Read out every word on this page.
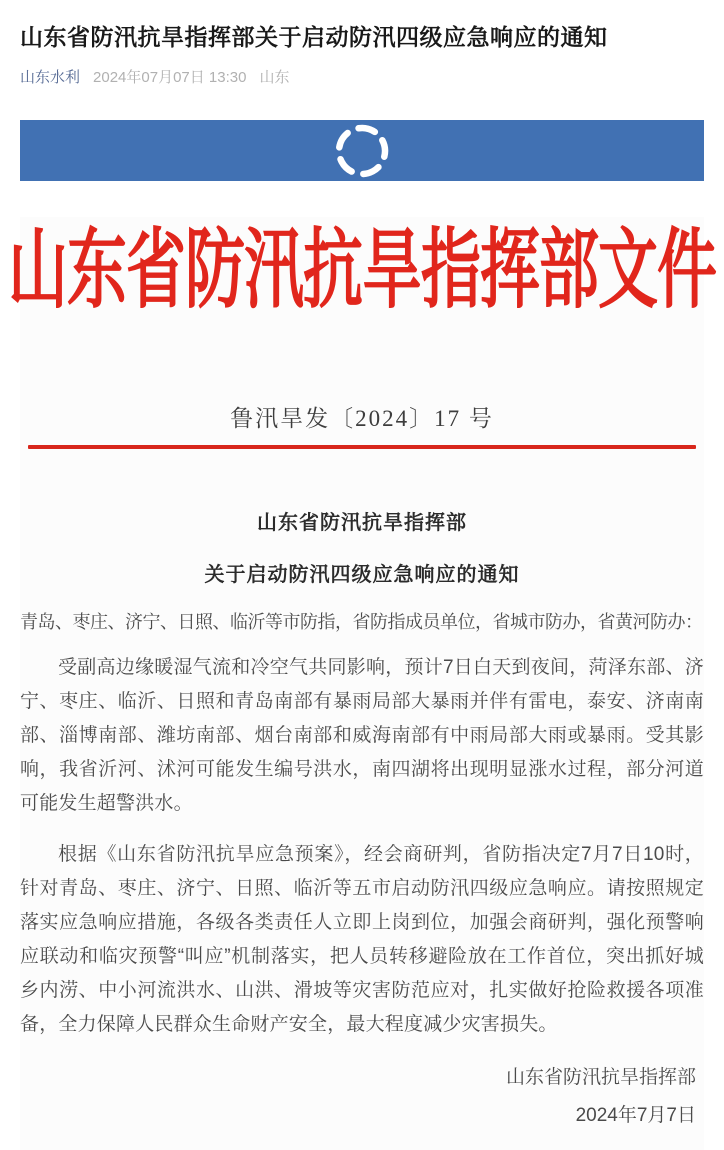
山东省防汛抗旱指挥部关于启动防汛四级应急响应的通知
山东水利 2024年07月07日 13:30 山东
山东省防汛抗旱指挥部文件
鲁汛旱发〔2024〕17 号
山东省防汛抗旱指挥部
关于启动防汛四级应急响应的通知

青岛、枣庄、济宁、日照、临沂等市防指，省防指成员单位，省城市防办，省黄河防办：

受副高边缘暖湿气流和冷空气共同影响，预计7日白天到夜间，菏泽东部、济宁、枣庄、临沂、日照和青岛南部有暴雨局部大暴雨并伴有雷电，泰安、济南南部、淄博南部、潍坊南部、烟台南部和威海南部有中雨局部大雨或暴雨。受其影响，我省沂河、沭河可能发生编号洪水，南四湖将出现明显涨水过程，部分河道可能发生超警洪水。

根据《山东省防汛抗旱应急预案》，经会商研判，省防指决定7月7日10时，针对青岛、枣庄、济宁、日照、临沂等五市启动防汛四级应急响应。请按照规定落实应急响应措施，各级各类责任人立即上岗到位，加强会商研判，强化预警响应联动和临灾预警“叫应”机制落实，把人员转移避险放在工作首位，突出抓好城乡内涝、中小河流洪水、山洪、滑坡等灾害防范应对，扎实做好抢险救援各项准备，全力保障人民群众生命财产安全，最大程度减少灾害损失。

山东省防汛抗旱指挥部
2024年7月7日
